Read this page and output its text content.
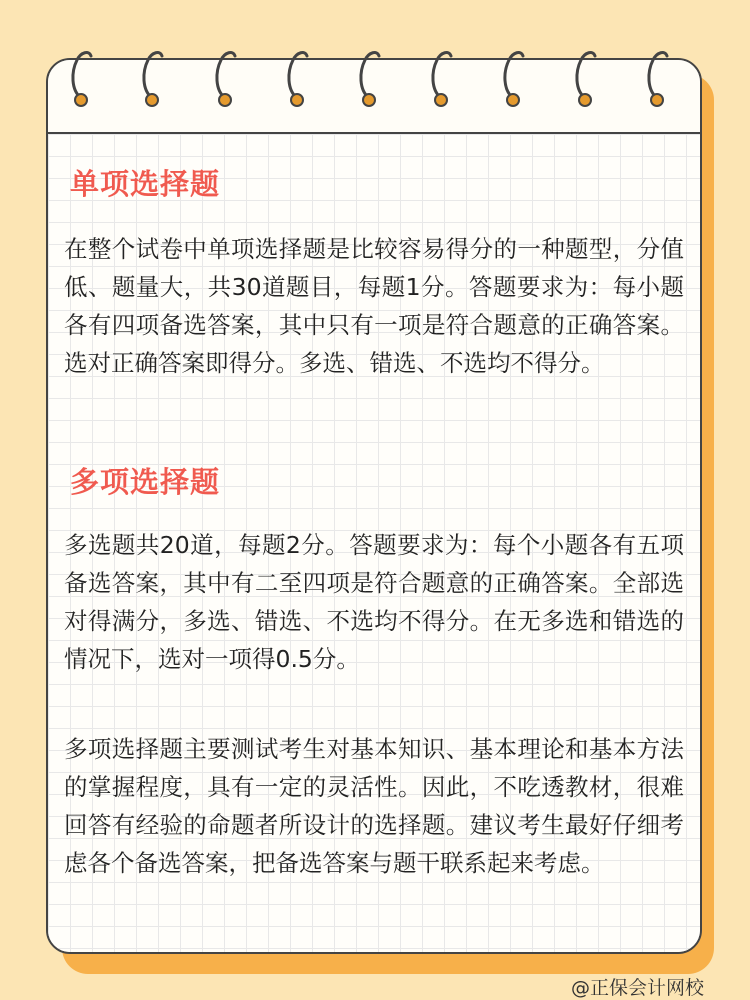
单项选择题

在整个试卷中单项选择题是比较容易得分的一种题型，分值低、题量大，共30道题目，每题1分。答题要求为：每小题各有四项备选答案，其中只有一项是符合题意的正确答案。选对正确答案即得分。多选、错选、不选均不得分。

多项选择题

多选题共20道，每题2分。答题要求为：每个小题各有五项备选答案，其中有二至四项是符合题意的正确答案。全部选对得满分，多选、错选、不选均不得分。在无多选和错选的情况下，选对一项得0.5分。

多项选择题主要测试考生对基本知识、基本理论和基本方法的掌握程度，具有一定的灵活性。因此，不吃透教材，很难回答有经验的命题者所设计的选择题。建议考生最好仔细考虑各个备选答案，把备选答案与题干联系起来考虑。

@正保会计网校
